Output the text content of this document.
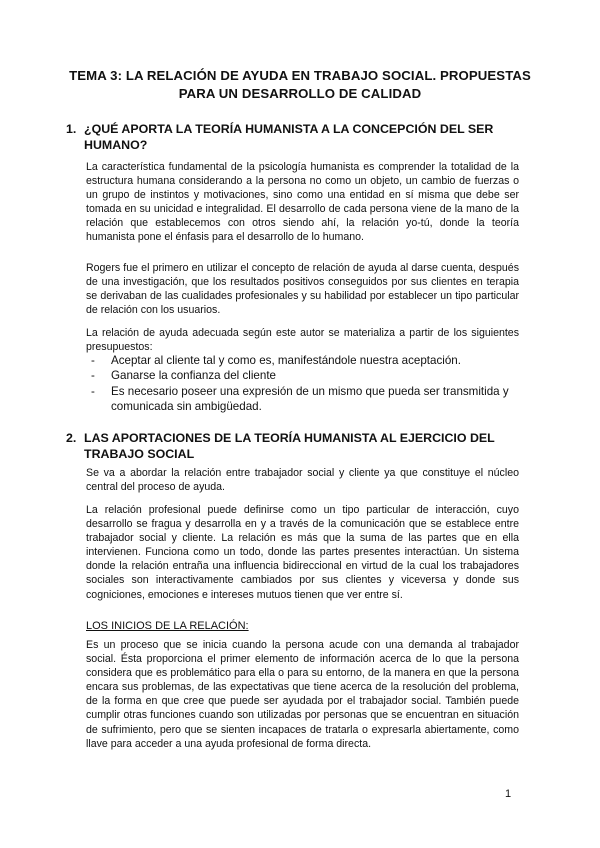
TEMA 3: LA RELACIÓN DE AYUDA EN TRABAJO SOCIAL. PROPUESTAS PARA UN DESARROLLO DE CALIDAD
1. ¿QUÉ APORTA LA TEORÍA HUMANISTA A LA CONCEPCIÓN DEL SER HUMANO?

La característica fundamental de la psicología humanista es comprender la totalidad de la estructura humana considerando a la persona no como un objeto, un cambio de fuerzas o un grupo de instintos y motivaciones, sino como una entidad en sí misma que debe ser tomada en su unicidad e integralidad. El desarrollo de cada persona viene de la mano de la relación que establecemos con otros siendo ahí, la relación yo-tú, donde la teoría humanista pone el énfasis para el desarrollo de lo humano.

Rogers fue el primero en utilizar el concepto de relación de ayuda al darse cuenta, después de una investigación, que los resultados positivos conseguidos por sus clientes en terapia se derivaban de las cualidades profesionales y su habilidad por establecer un tipo particular de relación con los usuarios.

La relación de ayuda adecuada según este autor se materializa a partir de los siguientes presupuestos:

- Aceptar al cliente tal y como es, manifestándole nuestra aceptación.
- Ganarse la confianza del cliente
- Es necesario poseer una expresión de un mismo que pueda ser transmitida y comunicada sin ambigüedad.
2. LAS APORTACIONES DE LA TEORÍA HUMANISTA AL EJERCICIO DEL TRABAJO SOCIAL

Se va a abordar la relación entre trabajador social y cliente ya que constituye el núcleo central del proceso de ayuda.

La relación profesional puede definirse como un tipo particular de interacción, cuyo desarrollo se fragua y desarrolla en y a través de la comunicación que se establece entre trabajador social y cliente. La relación es más que la suma de las partes que en ella intervienen. Funciona como un todo, donde las partes presentes interactúan. Un sistema donde la relación entraña una influencia bidireccional en virtud de la cual los trabajadores sociales son interactivamente cambiados por sus clientes y viceversa y donde sus cogniciones, emociones e intereses mutuos tienen que ver entre sí.

LOS INICIOS DE LA RELACIÓN:

Es un proceso que se inicia cuando la persona acude con una demanda al trabajador social. Ésta proporciona el primer elemento de información acerca de lo que la persona considera que es problemático para ella o para su entorno, de la manera en que la persona encara sus problemas, de las expectativas que tiene acerca de la resolución del problema, de la forma en que cree que puede ser ayudada por el trabajador social. También puede cumplir otras funciones cuando son utilizadas por personas que se encuentran en situación de sufrimiento, pero que se sienten incapaces de tratarla o expresarla abiertamente, como llave para acceder a una ayuda profesional de forma directa.

1
